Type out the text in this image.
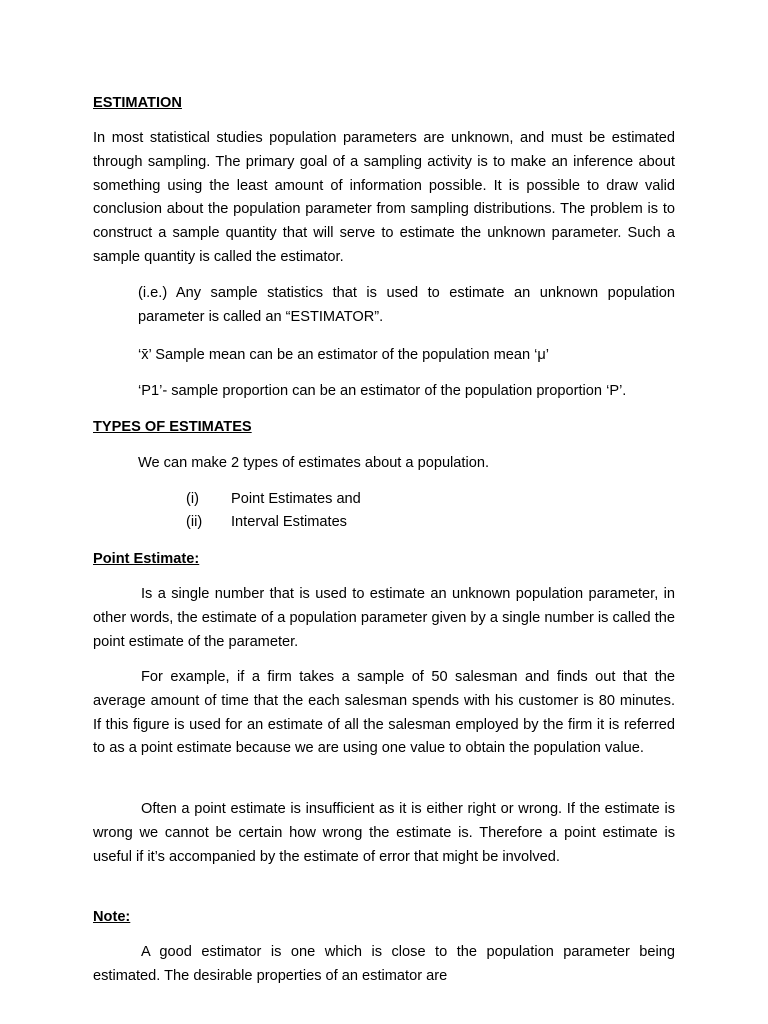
ESTIMATION

In most statistical studies population parameters are unknown, and must be estimated through sampling. The primary goal of a sampling activity is to make an inference about something using the least amount of information possible. It is possible to draw valid conclusion about the population parameter from sampling distributions. The problem is to construct a sample quantity that will serve to estimate the unknown parameter. Such a sample quantity is called the estimator.

(i.e.) Any sample statistics that is used to estimate an unknown population parameter is called an “ESTIMATOR”.

‘x̄’ Sample mean can be an estimator of the population mean ‘μ’

‘P1’- sample proportion can be an estimator of the population proportion ‘P’.

TYPES OF ESTIMATES

We can make 2 types of estimates about a population.

(i) Point Estimates and
(ii) Interval Estimates

Point Estimate:

Is a single number that is used to estimate an unknown population parameter, in other words, the estimate of a population parameter given by a single number is called the point estimate of the parameter.

For example, if a firm takes a sample of 50 salesman and finds out that the average amount of time that the each salesman spends with his customer is 80 minutes. If this figure is used for an estimate of all the salesman employed by the firm it is referred to as a point estimate because we are using one value to obtain the population value.

Often a point estimate is insufficient as it is either right or wrong. If the estimate is wrong we cannot be certain how wrong the estimate is. Therefore a point estimate is useful if it’s accompanied by the estimate of error that might be involved.

Note:

A good estimator is one which is close to the population parameter being estimated. The desirable properties of an estimator are
